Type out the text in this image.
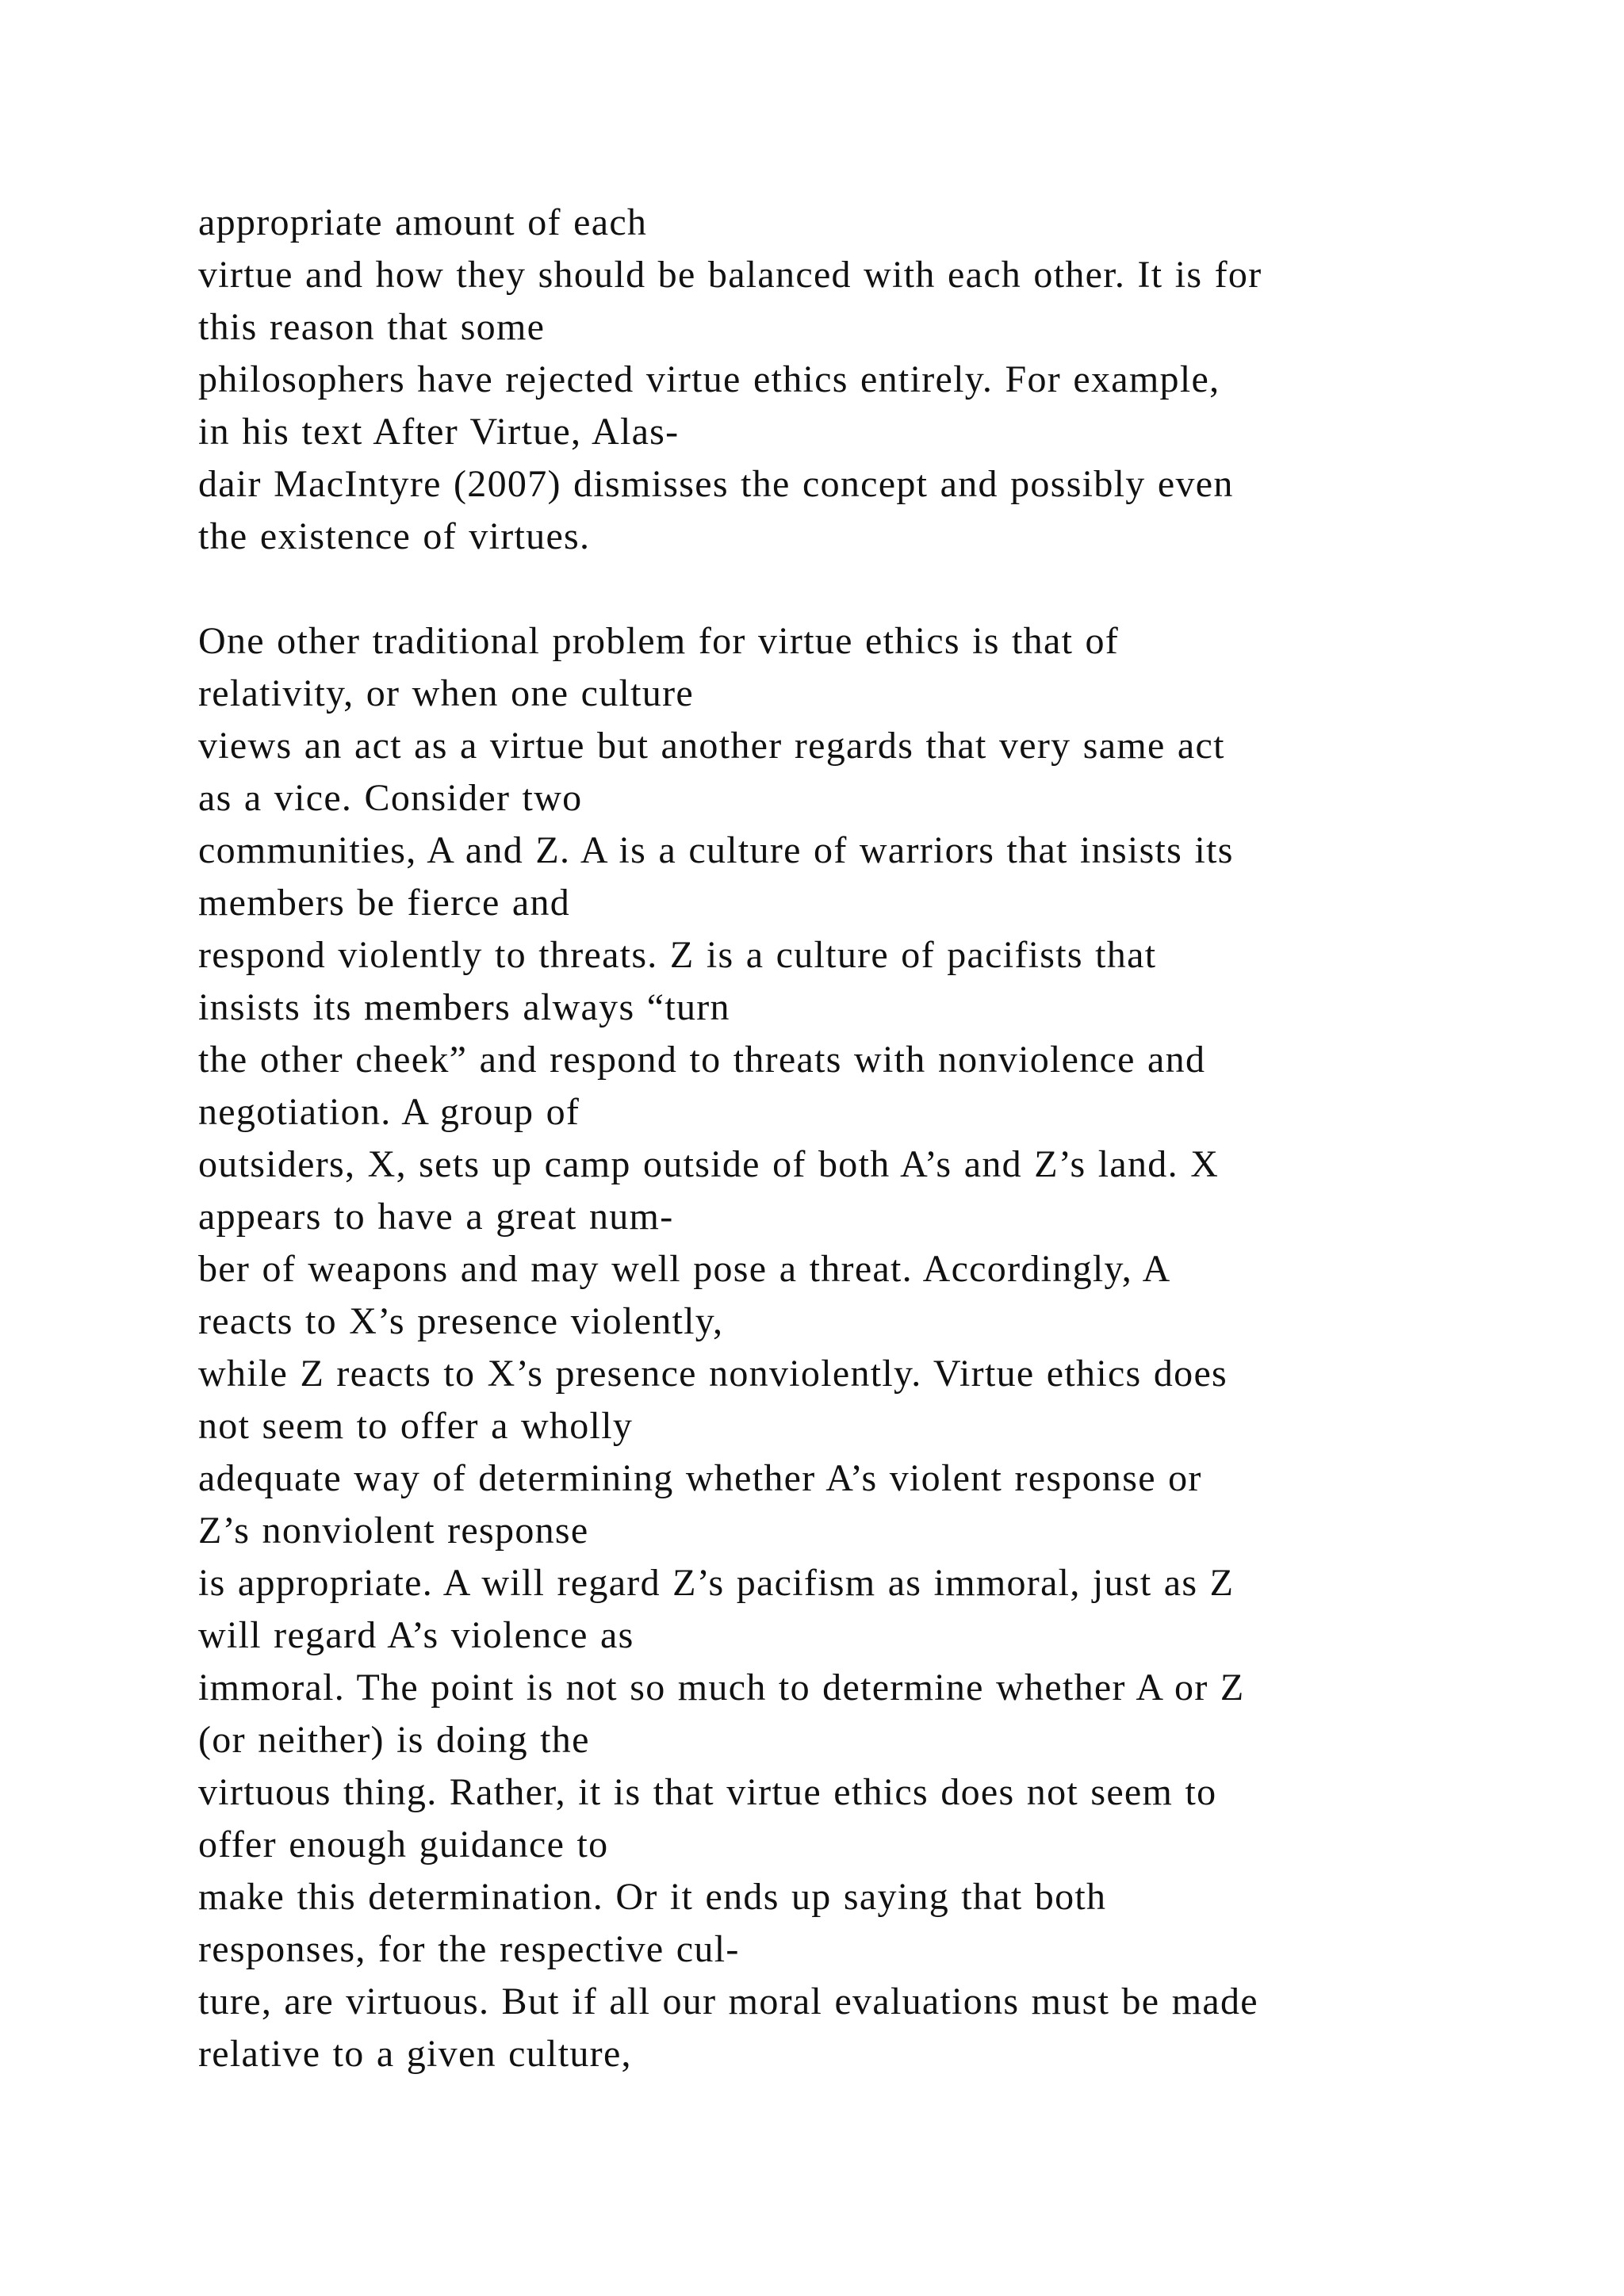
appropriate amount of each
virtue and how they should be balanced with each other. It is for
this reason that some
philosophers have rejected virtue ethics entirely. For example,
in his text After Virtue, Alas-
dair MacIntyre (2007) dismisses the concept and possibly even
the existence of virtues.
One other traditional problem for virtue ethics is that of
relativity, or when one culture
views an act as a virtue but another regards that very same act
as a vice. Consider two
communities, A and Z. A is a culture of warriors that insists its
members be fierce and
respond violently to threats. Z is a culture of pacifists that
insists its members always “turn
the other cheek” and respond to threats with nonviolence and
negotiation. A group of
outsiders, X, sets up camp outside of both A’s and Z’s land. X
appears to have a great num-
ber of weapons and may well pose a threat. Accordingly, A
reacts to X’s presence violently,
while Z reacts to X’s presence nonviolently. Virtue ethics does
not seem to offer a wholly
adequate way of determining whether A’s violent response or
Z’s nonviolent response
is appropriate. A will regard Z’s pacifism as immoral, just as Z
will regard A’s violence as
immoral. The point is not so much to determine whether A or Z
(or neither) is doing the
virtuous thing. Rather, it is that virtue ethics does not seem to
offer enough guidance to
make this determination. Or it ends up saying that both
responses, for the respective cul-
ture, are virtuous. But if all our moral evaluations must be made
relative to a given culture,
